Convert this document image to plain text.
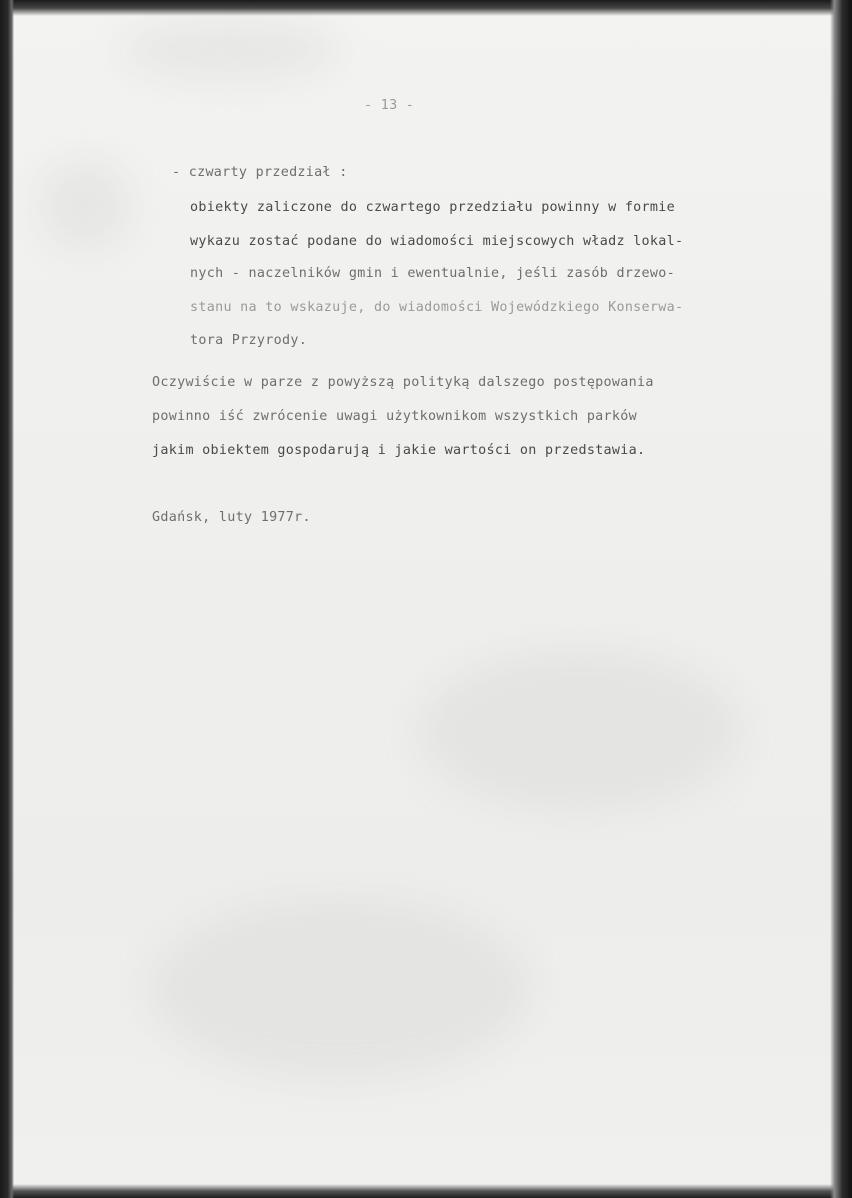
- 13 -

- czwarty przedział :

obiekty zaliczone do czwartego przedziału powinny w formie

wykazu zostać podane do wiadomości miejscowych władz lokal-

nych - naczelników gmin i ewentualnie, jeśli zasób drzewo-

stanu na to wskazuje, do wiadomości Wojewódzkiego Konserwa-

tora Przyrody.

Oczywiście w parze z powyższą polityką dalszego postępowania

powinno iść zwrócenie uwagi użytkownikom wszystkich parków

jakim obiektem gospodarują i jakie wartości on przedstawia.

Gdańsk, luty 1977r.
